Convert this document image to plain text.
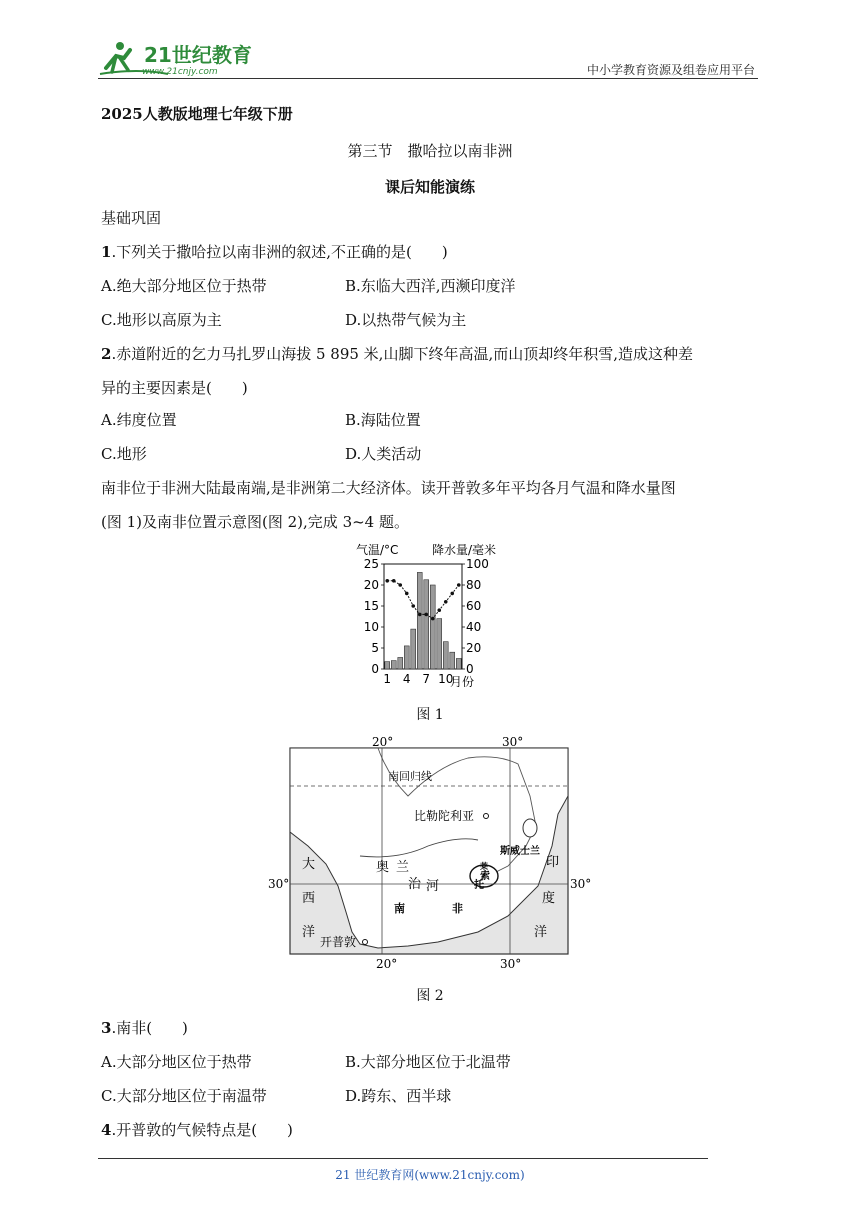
21世纪教育
www.21cnjy.com	中小学教育资源及组卷应用平台
2025人教版地理七年级下册
第三节　撒哈拉以南非洲
课后知能演练
基础巩固
1.下列关于撒哈拉以南非洲的叙述,不正确的是(　　)
A.绝大部分地区位于热带	B.东临大西洋,西濒印度洋
C.地形以高原为主	D.以热带气候为主
2.赤道附近的乞力马扎罗山海拔 5 895 米,山脚下终年高温,而山顶却终年积雪,造成这种差
异的主要因素是(　　)
A.纬度位置	B.海陆位置
C.地形	D.人类活动
南非位于非洲大陆最南端,是非洲第二大经济体。读开普敦多年平均各月气温和降水量图
(图 1)及南非位置示意图(图 2),完成 3~4 题。
气温/°C	降水量/毫米
0
5
10
15
20
25
0
20
40
60
80
100
1 4 7 10
月份
图 1
20°	30°
20°	30°
30°	30°
南回归线
比勒陀利亚
斯威士兰
莱
索
托
奥 兰
治 河
南	非
大
西
洋
印
度
洋
开普敦
图 2
3.南非(　　)
A.大部分地区位于热带	B.大部分地区位于北温带
C.大部分地区位于南温带	D.跨东、西半球
4.开普敦的气候特点是(　　)
21 世纪教育网(www.21cnjy.com)
